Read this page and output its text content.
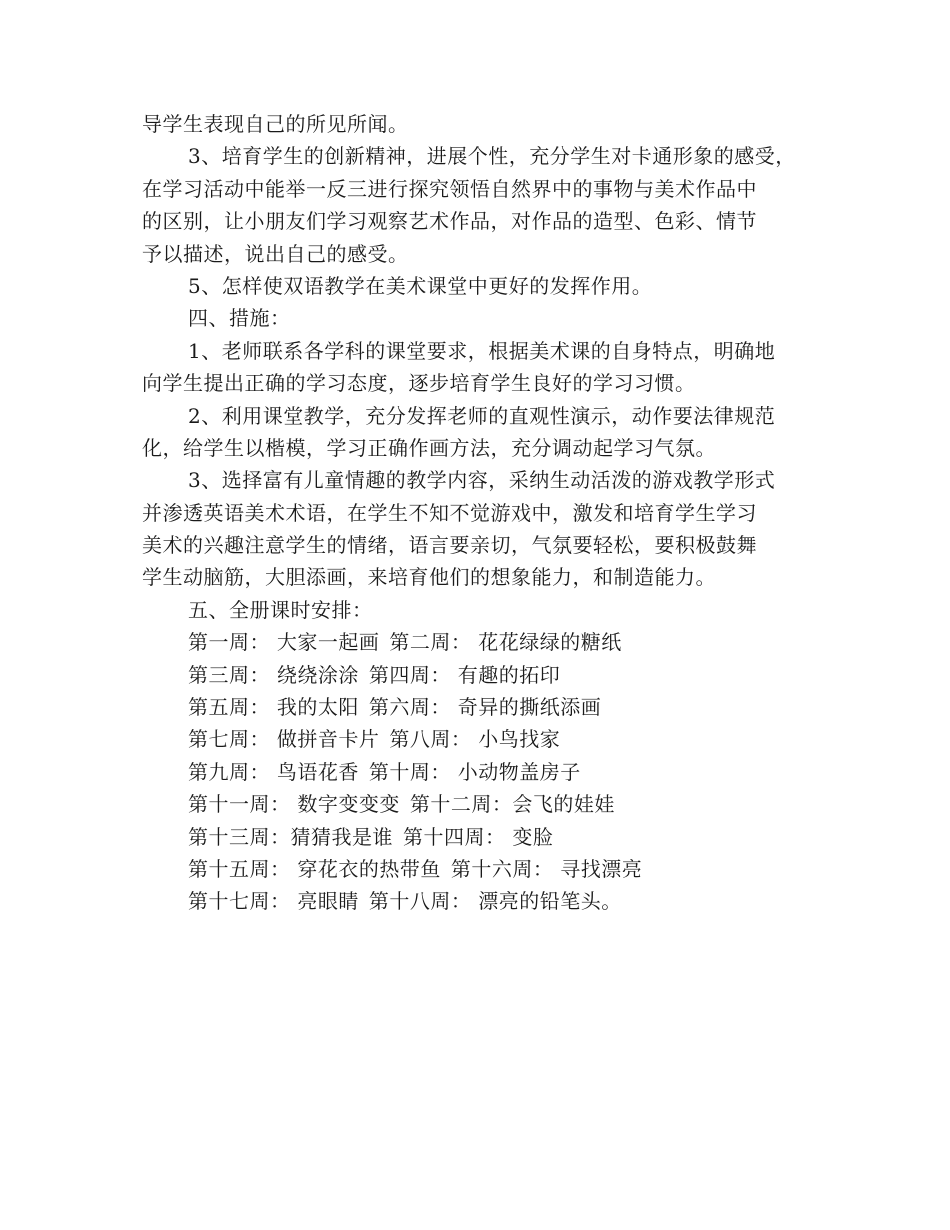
导学生表现自己的所见所闻。
3、培育学生的创新精神，进展个性，充分学生对卡通形象的感受，
在学习活动中能举一反三进行探究领悟自然界中的事物与美术作品中
的区别，让小朋友们学习观察艺术作品，对作品的造型、色彩、情节
予以描述，说出自己的感受。
5、怎样使双语教学在美术课堂中更好的发挥作用。
四、措施：
1、老师联系各学科的课堂要求，根据美术课的自身特点，明确地
向学生提出正确的学习态度，逐步培育学生良好的学习习惯。
2、利用课堂教学，充分发挥老师的直观性演示，动作要法律规范
化，给学生以楷模，学习正确作画方法，充分调动起学习气氛。
3、选择富有儿童情趣的教学内容，采纳生动活泼的游戏教学形式
并渗透英语美术术语，在学生不知不觉游戏中，激发和培育学生学习
美术的兴趣注意学生的情绪，语言要亲切，气氛要轻松，要积极鼓舞
学生动脑筋，大胆添画，来培育他们的想象能力，和制造能力。
五、全册课时安排：
第一周： 大家一起画 第二周： 花花绿绿的糖纸
第三周： 绕绕涂涂 第四周： 有趣的拓印
第五周： 我的太阳 第六周： 奇异的撕纸添画
第七周： 做拼音卡片 第八周： 小鸟找家
第九周： 鸟语花香 第十周： 小动物盖房子
第十一周： 数字变变变 第十二周：会飞的娃娃
第十三周：猜猜我是谁 第十四周： 变脸
第十五周： 穿花衣的热带鱼 第十六周： 寻找漂亮
第十七周： 亮眼睛 第十八周： 漂亮的铅笔头。
